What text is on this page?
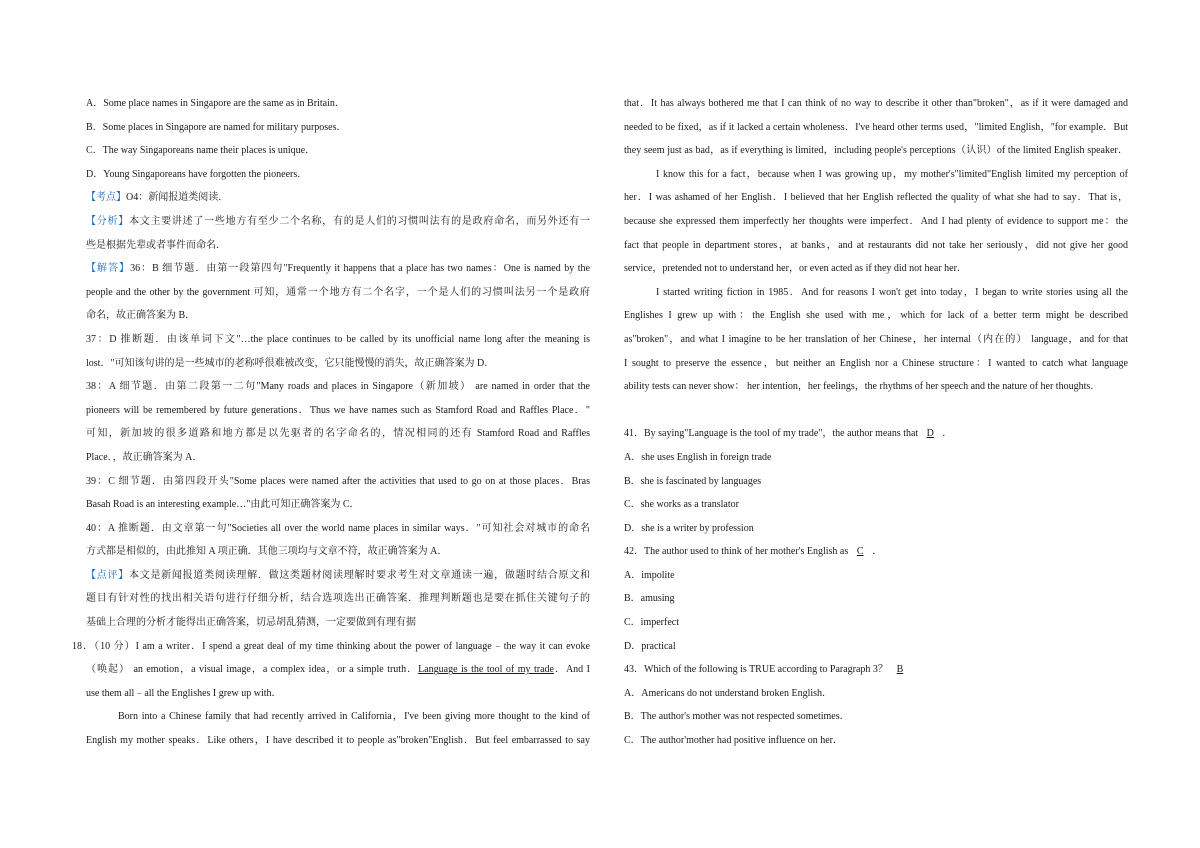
A．Some place names in Singapore are the same as in Britain．
B．Some places in Singapore are named for military purposes．
C．The way Singaporeans name their places is unique．
D．Young Singaporeans have forgotten the pioneers．
【考点】O4：新闻报道类阅读．
【分析】本文主要讲述了一些地方有至少二个名称，有的是人们的习惯叫法有的是政府命名，而另外还有一
些是根据先辈或者事件而命名．
【解答】36：B 细节题．由第一段第四句"Frequently it happens that a place has two names：One is named by the
people and the other by the government 可知，通常一个地方有二个名字，一个是人们的习惯叫法另一个是政府
命名，故正确答案为 B．
37：D 推断题．由该单词下文"…the place continues to be called by its unofficial name long after the meaning is
lost．"可知该句讲的是一些城市的老称呼很难被改变，它只能慢慢的消失，故正确答案为 D．
38：A 细节题．由第二段第一二句"Many roads and places in Singapore（新加坡） are named in order that the
pioneers will be remembered by future generations．Thus we have names such as Stamford Road and Raffles Place．"
可知，新加坡的很多道路和地方都是以先驱者的名字命名的，情况相同的还有 Stamford Road and Raffles
Place．，故正确答案为 A．
39：C 细节题．由第四段开头"Some places were named after the activities that used to go on at those places．Bras
Basah Road is an interesting example…"由此可知正确答案为 C．
40：A 推断题．由文章第一句"Societies all over the world name places in similar ways．"可知社会对城市的命名
方式都是相似的，由此推知 A 项正确．其他三项均与文章不符，故正确答案为 A．
【点评】本文是新闻报道类阅读理解．做这类题材阅读理解时要求考生对文章通读一遍，做题时结合原文和
题目有针对性的找出相关语句进行仔细分析，结合选项选出正确答案．推理判断题也是要在抓住关键句子的
基础上合理的分析才能得出正确答案，切忌胡乱猜测，一定要做到有理有据
18．（10 分）I am a writer．I spend a great deal of my time thinking about the power of language﹣the way it can evoke
（唤起） an emotion，a visual image，a complex idea，or a simple truth．Language is the tool of my trade．And I
use them all﹣all the Englishes I grew up with．
Born into a Chinese family that had recently arrived in California，I've been giving more thought to the kind of
English my mother speaks．Like others，I have described it to people as"broken"English．But feel embarrassed to say
that．It has always bothered me that I can think of no way to describe it other than"broken"，as if it were damaged and
needed to be fixed，as if it lacked a certain wholeness．I've heard other terms used，"limited English，"for example．But
they seem just as bad，as if everything is limited，including people's perceptions（认识）of the limited English speaker．
I know this for a fact，because when I was growing up，my mother's"limited"English limited my perception of
her．I was ashamed of her English．I believed that her English reflected the quality of what she had to say．That is，
because she expressed them imperfectly her thoughts were imperfect．And I had plenty of evidence to support me：the
fact that people in department stores，at banks，and at restaurants did not take her seriously，did not give her good
service，pretended not to understand her，or even acted as if they did not hear her．
I started writing fiction in 1985．And for reasons I won't get into today，I began to write stories using all the
Englishes I grew up with：the English she used with me，which for lack of a better term might be described
as"broken"，and what I imagine to be her translation of her Chinese，her internal（内在的） language，and for that
I sought to preserve the essence，but neither an English nor a Chinese structure：I wanted to catch what language
ability tests can never show： her intention，her feelings，the rhythms of her speech and the nature of her thoughts．
41．By saying"Language is the tool of my trade"，the author means that D ．
A．she uses English in foreign trade
B．she is fascinated by languages
C．she works as a translator
D．she is a writer by profession
42．The author used to think of her mother's English as C ．
A．impolite
B．amusing
C．imperfect
D．practical
43．Which of the following is TRUE according to Paragraph 3？ B
A．Americans do not understand broken English．
B．The author's mother was not respected sometimes．
C．The author'mother had positive influence on her．
